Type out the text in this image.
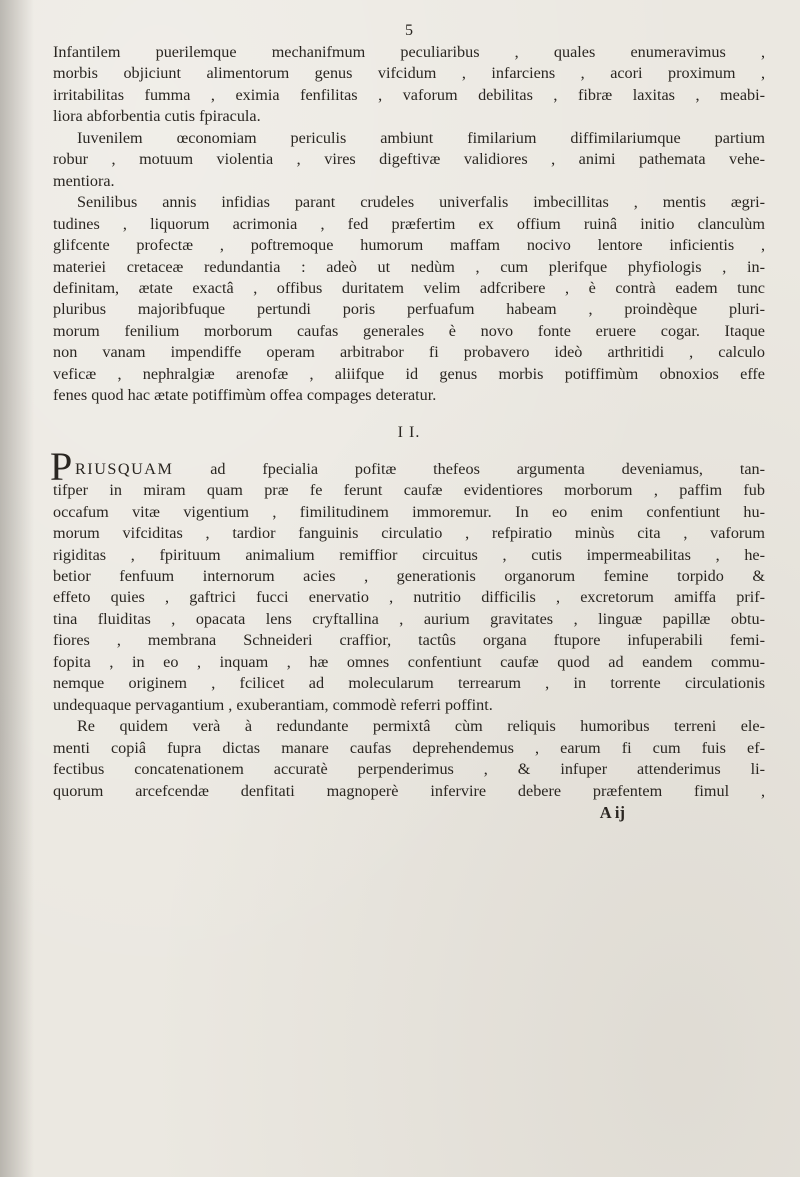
5
Infantilem puerilemque mechanifmum peculiaribus , quales enumeravimus ,
morbis objiciunt alimentorum genus vifcidum , infarciens , acori proximum ,
irritabilitas fumma , eximia fenfilitas , vaforum debilitas , fibræ laxitas , meabi-
liora abforbentia cutis fpiracula.
Iuvenilem œconomiam periculis ambiunt fimilarium diffimilariumque partium
robur , motuum violentia , vires digeftivæ validiores , animi pathemata vehe-
mentiora.
Senilibus annis infidias parant crudeles univerfalis imbecillitas , mentis ægri-
tudines , liquorum acrimonia , fed præfertim ex offium ruinâ initio clanculùm
glifcente profectæ , poftremoque humorum maffam nocivo lentore inficientis ,
materiei cretaceæ redundantia : adeò ut nedùm , cum plerifque phyfiologis , in-
definitam, ætate exactâ , offibus duritatem velim adfcribere , è contrà eadem tunc
pluribus majoribfuque pertundi poris perfuafum habeam , proindèque pluri-
morum fenilium morborum caufas generales è novo fonte eruere cogar. Itaque
non vanam impendiffe operam arbitrabor fi probavero ideò arthritidi , calculo
veficæ , nephralgiæ arenofæ , aliifque id genus morbis potiffimùm obnoxios effe
fenes quod hac ætate potiffimùm offea compages deteratur.
I I.
P RIUSQUAM ad fpecialia pofitæ thefeos argumenta deveniamus, tan-
tifper in miram quam præ fe ferunt caufæ evidentiores morborum , paffim fub
occafum vitæ vigentium , fimilitudinem immoremur. In eo enim confentiunt hu-
morum vifciditas , tardior fanguinis circulatio , refpiratio minùs cita , vaforum
rigiditas , fpirituum animalium remiffior circuitus , cutis impermeabilitas , he-
betior fenfuum internorum acies , generationis organorum femine torpido &
effeto quies , gaftrici fucci enervatio , nutritio difficilis , excretorum amiffa prif-
tina fluiditas , opacata lens cryftallina , aurium gravitates , linguæ papillæ obtu-
fiores , membrana Schneideri craffior, tactûs organa ftupore infuperabili femi-
fopita , in eo , inquam , hæ omnes confentiunt caufæ quod ad eandem commu-
nemque originem , fcilicet ad molecularum terrearum , in torrente circulationis
undequaque pervagantium , exuberantiam, commodè referri poffint.
Re quidem verà à redundante permixtâ cùm reliquis humoribus terreni ele-
menti copiâ fupra dictas manare caufas deprehendemus , earum fi cum fuis ef-
fectibus concatenationem accuratè perpenderimus , & infuper attenderimus li-
quorum arcefcendæ denfitati magnoperè infervire debere præfentem fimul ,
A ij
